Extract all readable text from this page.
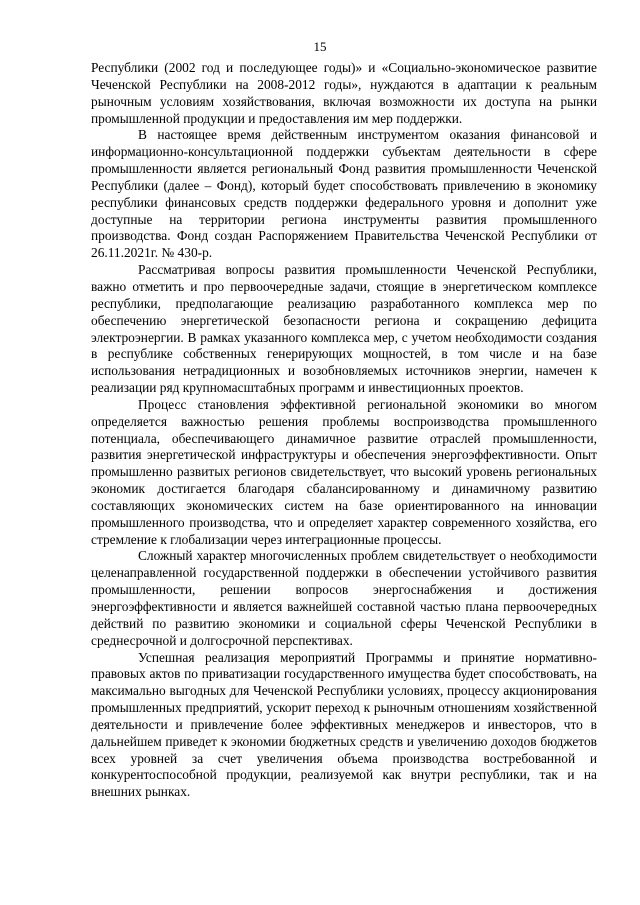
15

Республики (2002 год и последующее годы)» и «Социально-экономическое развитие Чеченской Республики на 2008-2012 годы», нуждаются в адаптации к реальным рыночным условиям хозяйствования, включая возможности их доступа на рынки промышленной продукции и предоставления им мер поддержки.

В настоящее время действенным инструментом оказания финансовой и информационно-консультационной поддержки субъектам деятельности в сфере промышленности является региональный Фонд развития промышленности Чеченской Республики (далее – Фонд), который будет способствовать привлечению в экономику республики финансовых средств поддержки федерального уровня и дополнит уже доступные на территории региона инструменты развития промышленного производства. Фонд создан Распоряжением Правительства Чеченской Республики от 26.11.2021г. № 430-р.

Рассматривая вопросы развития промышленности Чеченской Республики, важно отметить и про первоочередные задачи, стоящие в энергетическом комплексе республики, предполагающие реализацию разработанного комплекса мер по обеспечению энергетической безопасности региона и сокращению дефицита электроэнергии. В рамках указанного комплекса мер, с учетом необходимости создания в республике собственных генерирующих мощностей, в том числе и на базе использования нетрадиционных и возобновляемых источников энергии, намечен к реализации ряд крупномасштабных программ и инвестиционных проектов.

Процесс становления эффективной региональной экономики во многом определяется важностью решения проблемы воспроизводства промышленного потенциала, обеспечивающего динамичное развитие отраслей промышленности, развития энергетической инфраструктуры и обеспечения энергоэффективности. Опыт промышленно развитых регионов свидетельствует, что высокий уровень региональных экономик достигается благодаря сбалансированному и динамичному развитию составляющих экономических систем на базе ориентированного на инновации промышленного производства, что и определяет характер современного хозяйства, его стремление к глобализации через интеграционные процессы.

Сложный характер многочисленных проблем свидетельствует о необходимости целенаправленной государственной поддержки в обеспечении устойчивого развития промышленности, решении вопросов энергоснабжения и достижения энергоэффективности и является важнейшей составной частью плана первоочередных действий по развитию экономики и социальной сферы Чеченской Республики в среднесрочной и долгосрочной перспективах.

Успешная реализация мероприятий Программы и принятие нормативно-правовых актов по приватизации государственного имущества будет способствовать, на максимально выгодных для Чеченской Республики условиях, процессу акционирования промышленных предприятий, ускорит переход к рыночным отношениям хозяйственной деятельности и привлечение более эффективных менеджеров и инвесторов, что в дальнейшем приведет к экономии бюджетных средств и увеличению доходов бюджетов всех уровней за счет увеличения объема производства востребованной и конкурентоспособной продукции, реализуемой как внутри республики, так и на внешних рынках.
